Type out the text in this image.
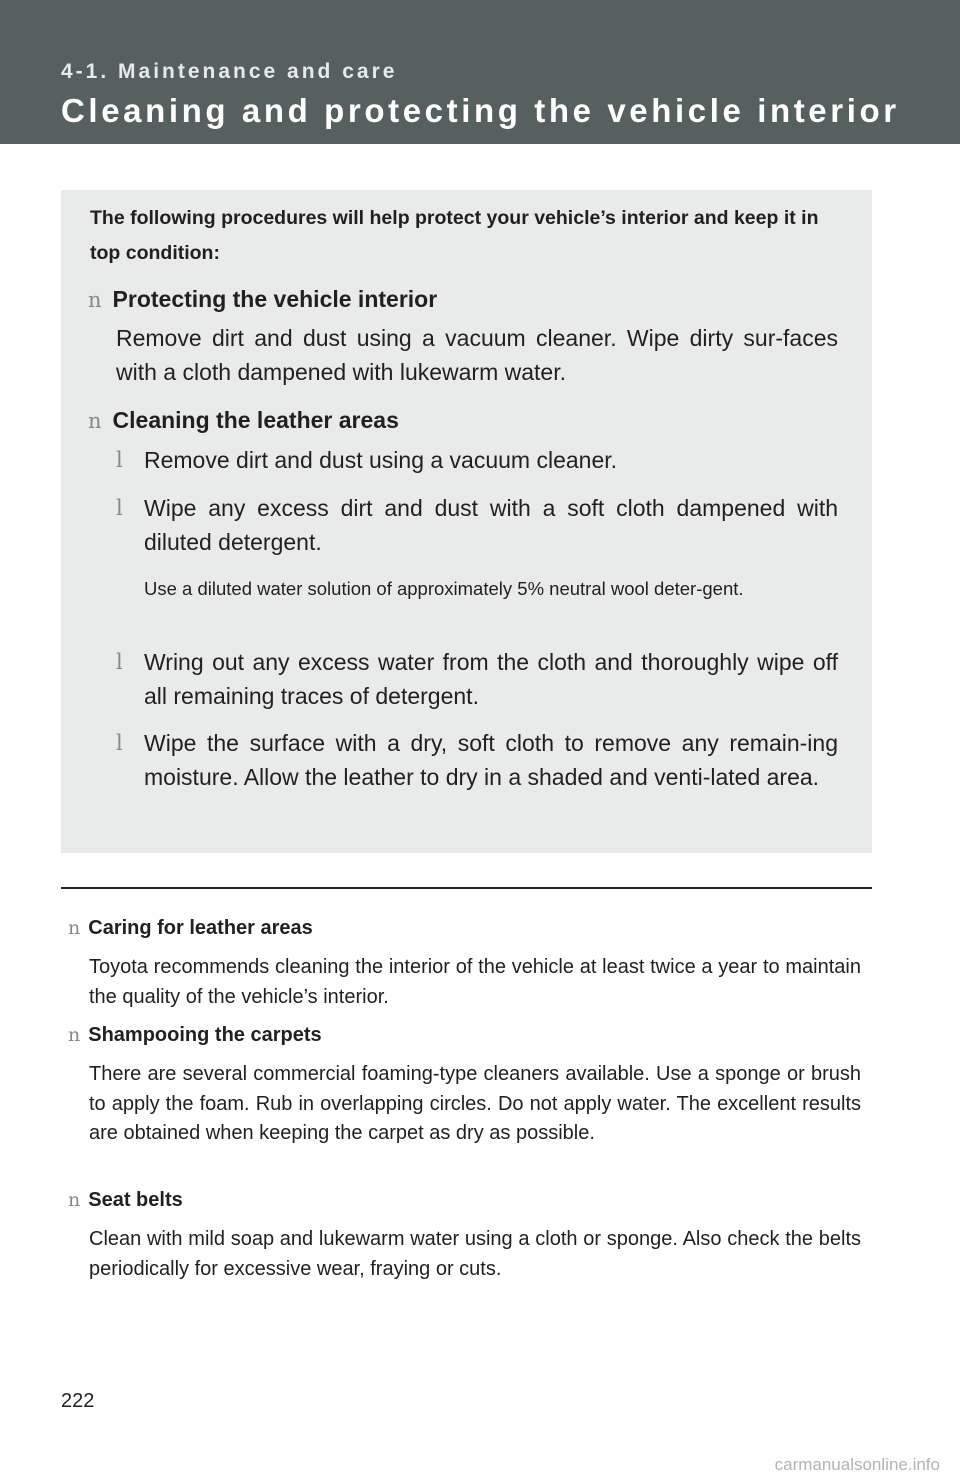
4-1. Maintenance and care
Cleaning and protecting the vehicle interior
The following procedures will help protect your vehicle’s interior and keep it in top condition:
n Protecting the vehicle interior
Remove dirt and dust using a vacuum cleaner. Wipe dirty sur-faces with a cloth dampened with lukewarm water.
n Cleaning the leather areas
l Remove dirt and dust using a vacuum cleaner.
l Wipe any excess dirt and dust with a soft cloth dampened with diluted detergent.
Use a diluted water solution of approximately 5% neutral wool deter-gent.
l Wring out any excess water from the cloth and thoroughly wipe off all remaining traces of detergent.
l Wipe the surface with a dry, soft cloth to remove any remain-ing moisture. Allow the leather to dry in a shaded and venti-lated area.
n Caring for leather areas
Toyota recommends cleaning the interior of the vehicle at least twice a year to maintain the quality of the vehicle’s interior.
n Shampooing the carpets
There are several commercial foaming-type cleaners available. Use a sponge or brush to apply the foam. Rub in overlapping circles. Do not apply water. The excellent results are obtained when keeping the carpet as dry as possible.
n Seat belts
Clean with mild soap and lukewarm water using a cloth or sponge. Also check the belts periodically for excessive wear, fraying or cuts.
222
carmanualsonline.info
